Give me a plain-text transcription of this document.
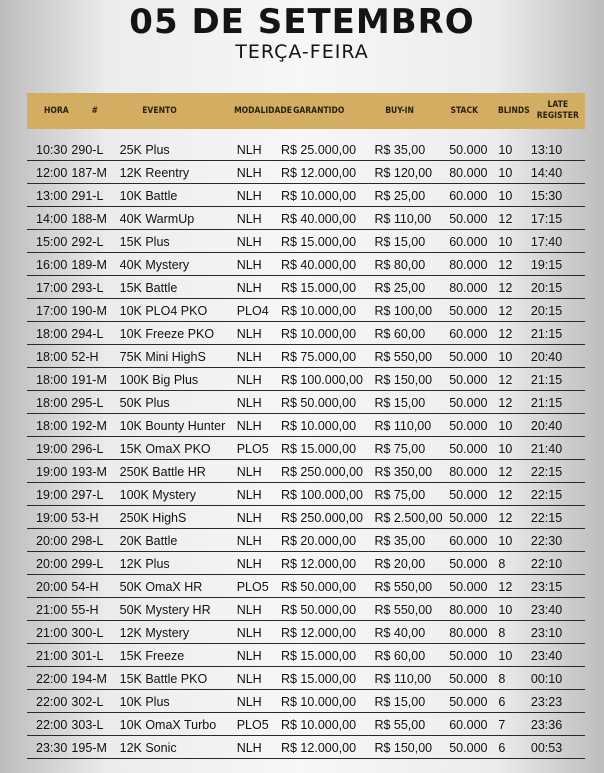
05 DE SETEMBRO
TERÇA-FEIRA
HORA	#	EVENTO	MODALIDADE GARANTIDO	BUY-IN	STACK	BLINDS
LATE
REGISTER
10:30 290-L	25K Plus	NLH	R$ 25.000,00	R$ 35,00	50.000 10	13:10
12:00 187-M	12K Reentry	NLH	R$ 12.000,00	R$ 120,00	80.000 10	14:40
13:00 291-L	10K Battle	NLH	R$ 10.000,00	R$ 25,00	60.000 10	15:30
14:00 188-M	40K WarmUp	NLH	R$ 40.000,00	R$ 110,00	50.000 12	17:15
15:00 292-L	15K Plus	NLH	R$ 15.000,00	R$ 15,00	60.000 10	17:40
16:00 189-M	40K Mystery	NLH	R$ 40.000,00	R$ 80,00	80.000 12	19:15
17:00 293-L	15K Battle	NLH	R$ 15.000,00	R$ 25,00	80.000 12	20:15
17:00 190-M	10K PLO4 PKO	PLO4 R$ 10.000,00	R$ 100,00	50.000 12	20:15
18:00 294-L	10K Freeze PKO	NLH	R$ 10.000,00	R$ 60,00	60.000 12	21:15
18:00 52-H	75K Mini HighS	NLH	R$ 75.000,00	R$ 550,00	50.000 10	20:40
18:00 191-M	100K Big Plus	NLH	R$ 100.000,00 R$ 150,00	50.000 12	21:15
18:00 295-L	50K Plus	NLH	R$ 50.000,00	R$ 15,00	50.000 12	21:15
18:00 192-M	10K Bounty Hunter NLH	R$ 10.000,00	R$ 110,00	50.000 10	20:40
19:00 296-L	15K OmaX PKO	PLO5 R$ 15.000,00	R$ 75,00	50.000 10	21:40
19:00 193-M	250K Battle HR	NLH	R$ 250.000,00 R$ 350,00	80.000 12	22:15
19:00 297-L	100K Mystery	NLH	R$ 100.000,00 R$ 75,00	50.000 12	22:15
19:00 53-H	250K HighS	NLH	R$ 250.000,00 R$ 2.500,00 50.000 12	22:15
20:00 298-L	20K Battle	NLH	R$ 20.000,00	R$ 35,00	60.000 10	22:30
20:00 299-L	12K Plus	NLH	R$ 12.000,00	R$ 20,00	50.000 8	22:10
20:00 54-H	50K OmaX HR	PLO5 R$ 50.000,00	R$ 550,00	50.000 12	23:15
21:00 55-H	50K Mystery HR	NLH	R$ 50.000,00	R$ 550,00	80.000 10	23:40
21:00 300-L	12K Mystery	NLH	R$ 12.000,00	R$ 40,00	80.000 8	23:10
21:00 301-L	15K Freeze	NLH	R$ 15.000,00	R$ 60,00	50.000 10	23:40
22:00 194-M	15K Battle PKO	NLH	R$ 15.000,00	R$ 110,00	50.000 8	00:10
22:00 302-L	10K Plus	NLH	R$ 10.000,00	R$ 15,00	50.000 6	23:23
22:00 303-L	10K OmaX Turbo	PLO5 R$ 10.000,00	R$ 55,00	60.000 7	23:36
23:30 195-M	12K Sonic	NLH	R$ 12.000,00	R$ 150,00	50.000 6	00:53
